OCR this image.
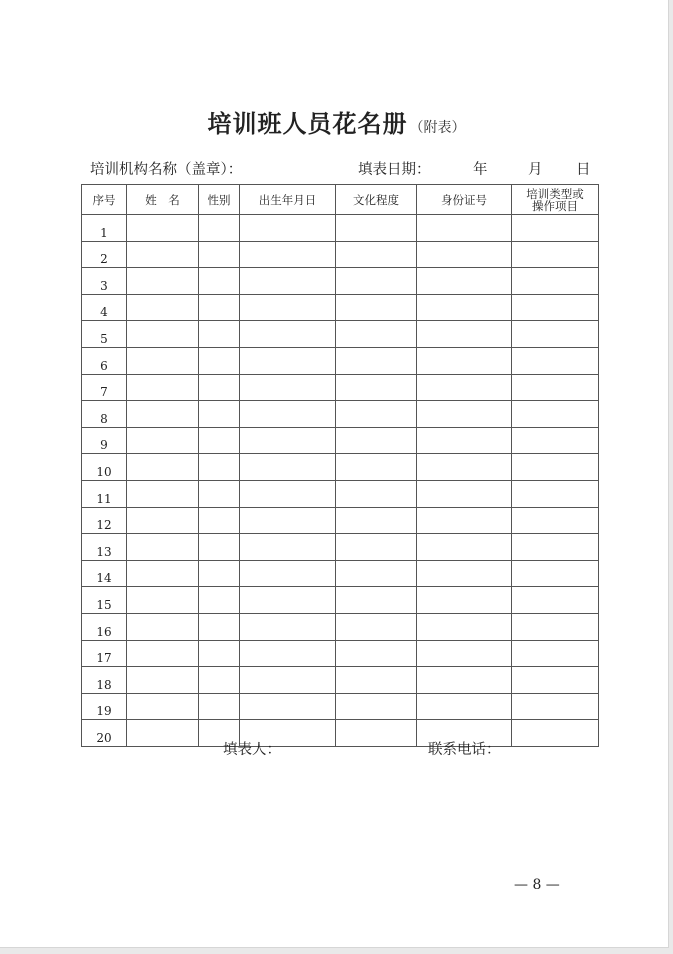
培训班人员花名册 （附表）
培训机构名称（盖章）：	填表日期：	年	月 日
序号	姓　名	性别	出生年月日	文化程度	身份证号	培训类型或
操作项目
1						
2						
3						
4						
5						
6						
7						
8						
9						
10						
11						
12						
13						
14						
15						
16						
17						
18						
19						
20						
填表人：	联系电话：
— 8 —
